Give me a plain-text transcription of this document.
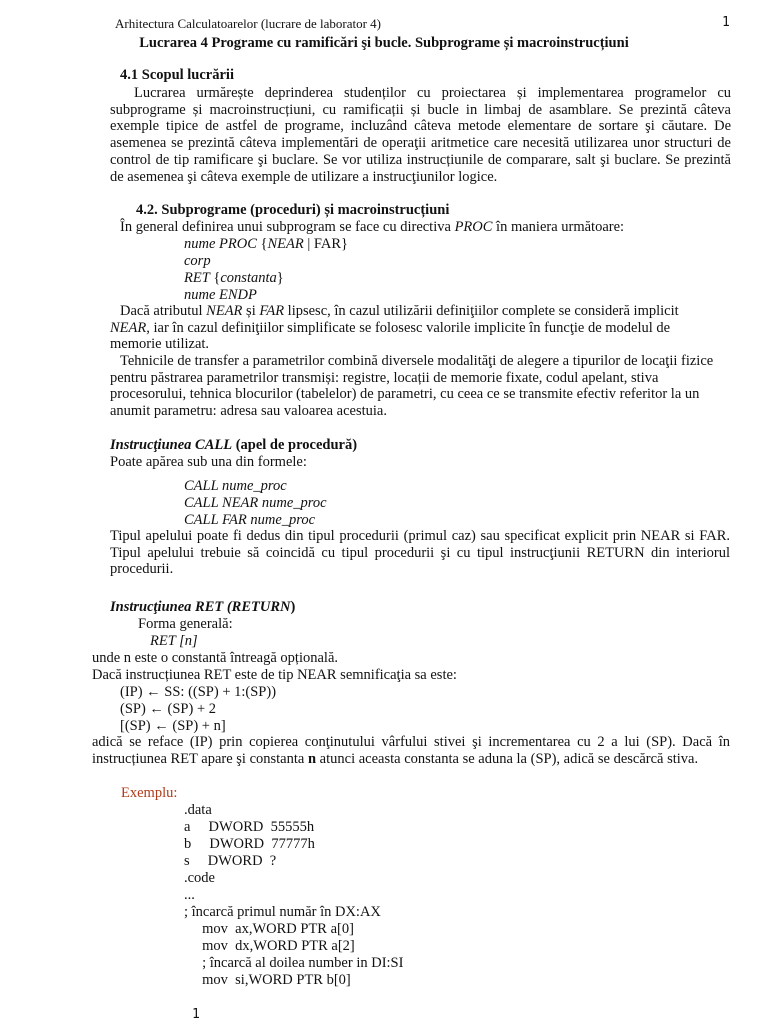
Arhitectura Calculatoarelor (lucrare de laborator 4)	1
Lucrarea 4 Programe cu ramificări şi bucle. Subprograme și macroinstrucțiuni
4.1 Scopul lucrării
Lucrarea urmărește deprinderea studenților cu proiectarea și implementarea programelor cu subprograme și macroinstrucțiuni, cu ramificații și bucle in limbaj de asamblare. Se prezintă câteva exemple tipice de astfel de programe, incluzând câteva metode elementare de sortare şi căutare. De asemenea se prezintă câteva implementări de operaţii aritmetice care necesită utilizarea unor structuri de control de tip ramificare şi buclare. Se vor utiliza instrucțiunile de comparare, salt şi buclare. Se prezintă de asemenea şi câteva exemple de utilizare a instrucţiunilor logice.
4.2. Subprograme (proceduri) și macroinstrucțiuni
În general definirea unui subprogram se face cu directiva PROC în maniera următoare:
nume PROC {NEAR | FAR}
corp
RET {constanta}
nume ENDP
Dacă atributul NEAR și FAR lipsesc, în cazul utilizării definiţiilor complete se consideră implicit NEAR, iar în cazul definiţiilor simplificate se folosesc valorile implicite în funcţie de modelul de memorie utilizat.
Tehnicile de transfer a parametrilor combină diversele modalităţi de alegere a tipurilor de locaţii fizice pentru păstrarea parametrilor transmiși: registre, locații de memorie fixate, codul apelant, stiva procesorului, tehnica blocurilor (tabelelor) de parametri, cu ceea ce se transmite efectiv referitor la un anumit parametru: adresa sau valoarea acestuia.
Instrucţiunea CALL (apel de procedură)
Poate apărea sub una din formele:
CALL nume_proc
CALL NEAR nume_proc
CALL FAR nume_proc
Tipul apelului poate fi dedus din tipul procedurii (primul caz) sau specificat explicit prin NEAR si FAR. Tipul apelului trebuie să coincidă cu tipul procedurii şi cu tipul instrucţiunii RETURN din interiorul procedurii.
Instrucţiunea RET (RETURN)
Forma generală:
RET [n]
unde n este o constantă întreagă opțională.
Dacă instrucțiunea RET este de tip NEAR semnificaţia sa este:
(IP) ← SS: ((SP) + 1:(SP))
(SP) ← (SP) + 2
[(SP) ← (SP) + n]
adică se reface (IP) prin copierea conţinutului vârfului stivei şi incrementarea cu 2 a lui (SP). Dacă în instrucțiunea RET apare şi constanta n atunci aceasta constanta se aduna la (SP), adică se descărcă stiva.
Exemplu:
.data
a     DWORD  55555h
b     DWORD  77777h
s     DWORD  ?
.code
...
; încarcă primul număr în DX:AX
mov  ax,WORD PTR a[0]
mov  dx,WORD PTR a[2]
; încarcă al doilea number in DI:SI
mov  si,WORD PTR b[0]
1
